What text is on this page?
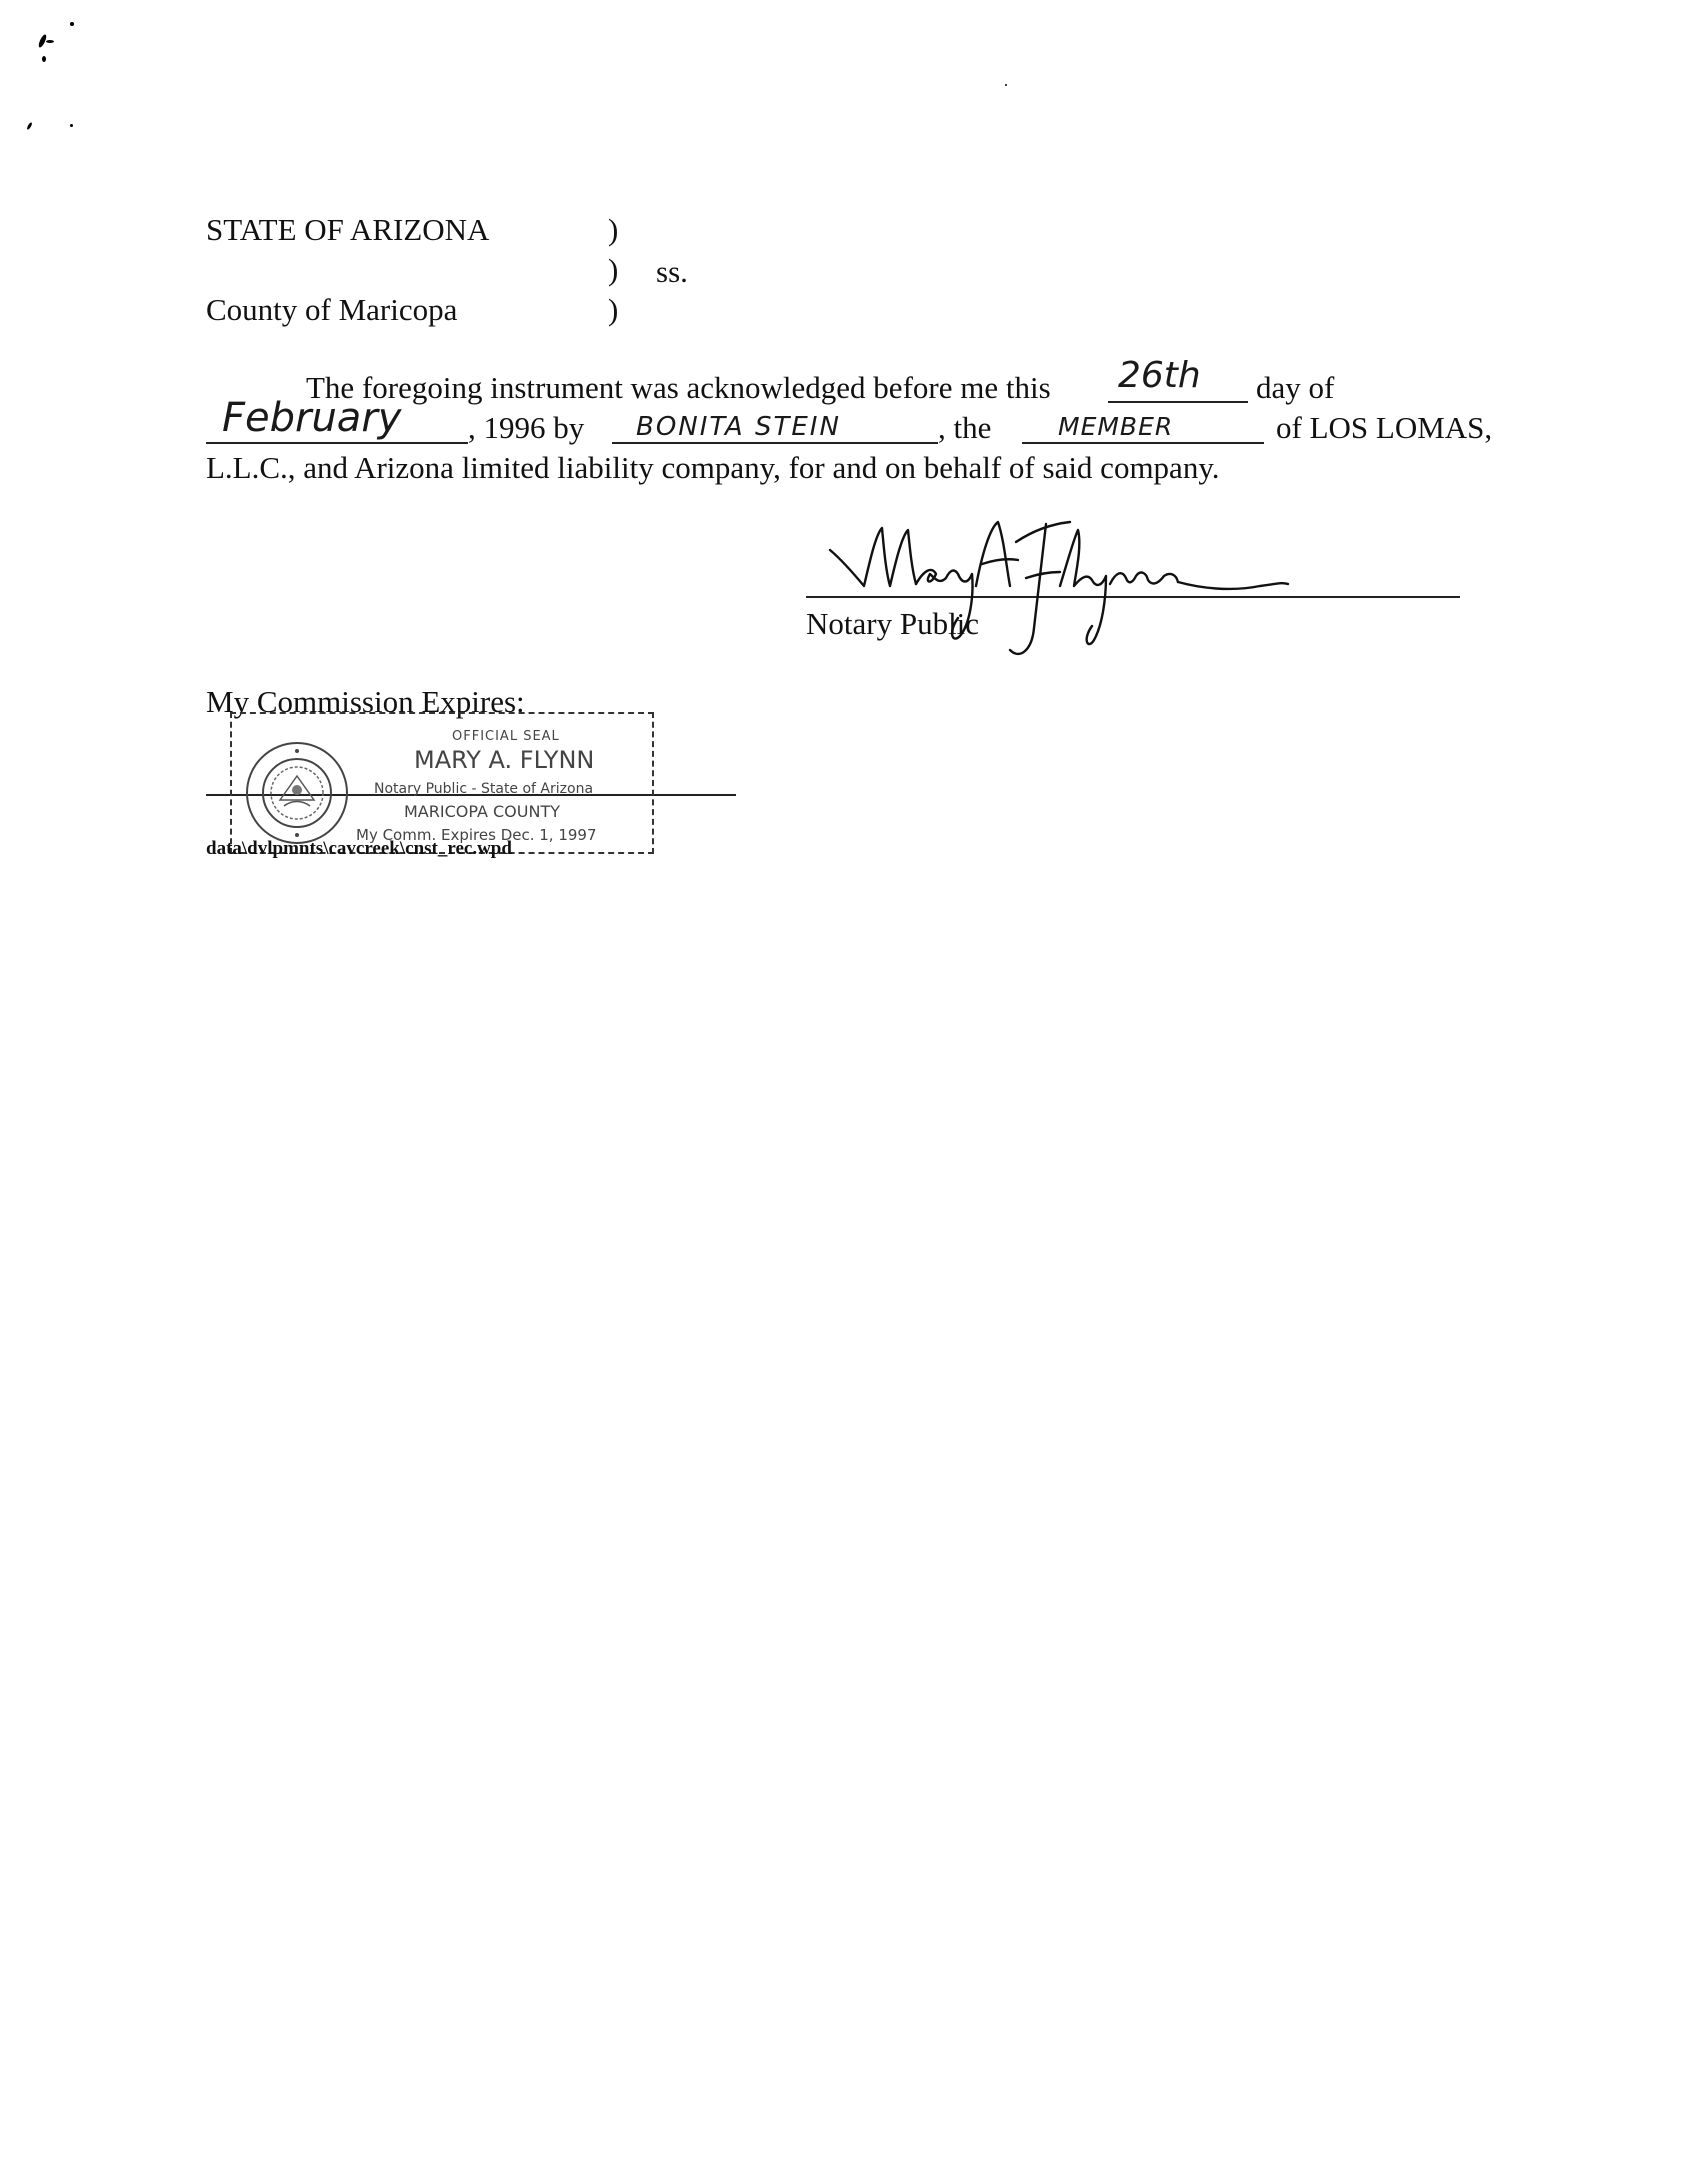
STATE OF ARIZONA	)
) ss.
County of Maricopa	)
The foregoing instrument was acknowledged before me this 26th day of
February , 1996 by BONITA STEIN	, the	MEMBER	of LOS LOMAS,
L.L.C., and Arizona limited liability company, for and on behalf of said company.
Notary Public
My Commission Expires:
OFFICIAL SEAL
MARY A. FLYNN
Notary Public - State of Arizona
MARICOPA COUNTY
My Comm. Expires Dec. 1, 1997
data\dvlpmnts\cavcreek\cnst_rec.wpd
